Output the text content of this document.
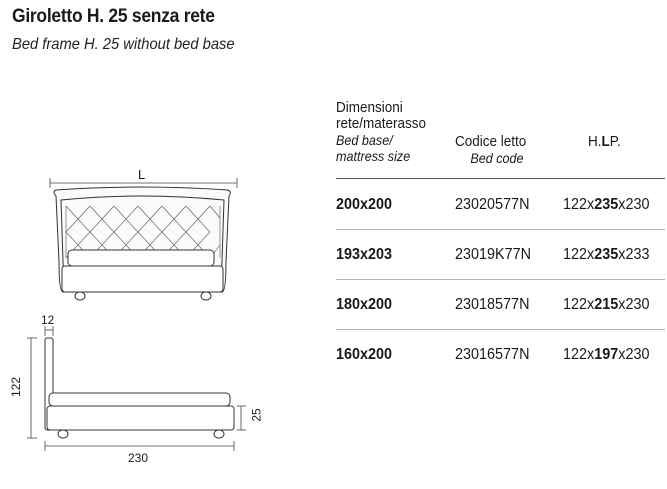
Giroletto H. 25 senza rete
Bed frame H. 25 without bed base
L
12
122
230
25
Dimensioni
rete/materasso
Bed base/
mattress size
Codice letto
Bed code
H.LP.
200x200	23020577N 122x235x230
193x203	23019K77N 122x235x233
180x200	23018577N 122x215x230
160x200	23016577N 122x197x230
